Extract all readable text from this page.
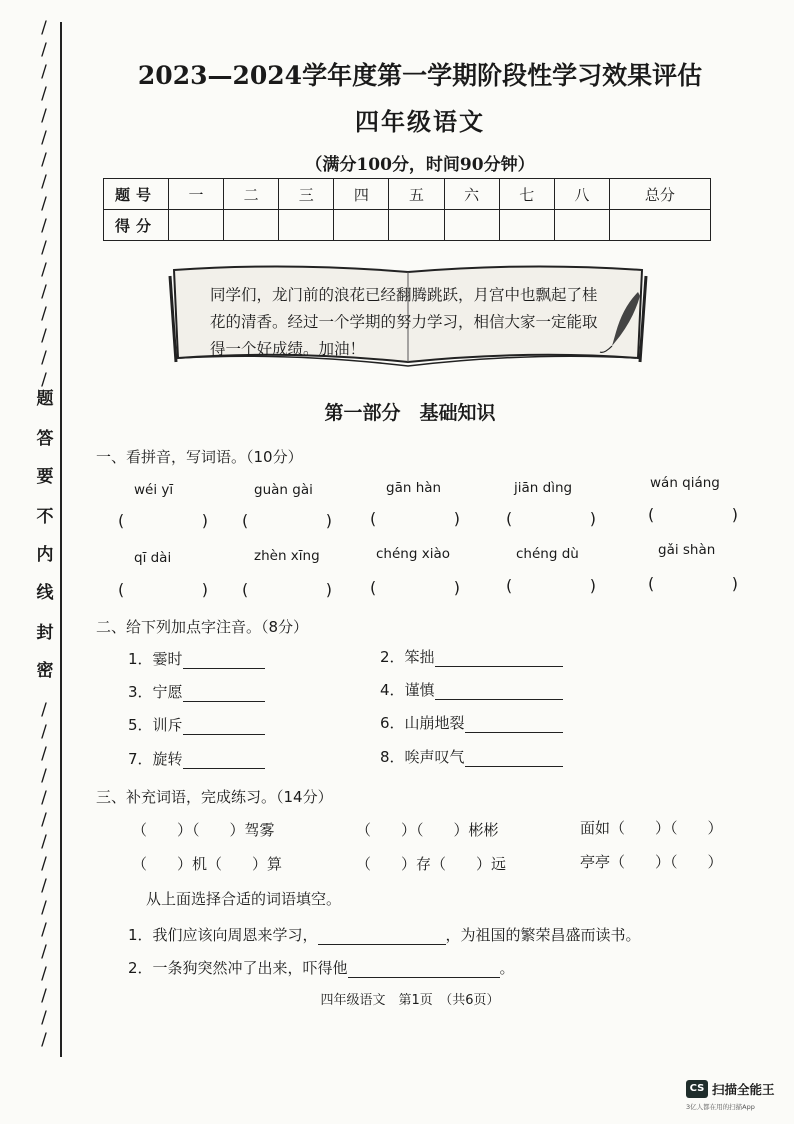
/
/
/
/
/
/
/
/
/
/
/
/
/
/
/
/
/
/
/
/
/
/
/
/
/
/
/
/
/
/
/
/
/
密
封
线
内
不
要
答
题
2023—2024学年度第一学期阶段性学习效果评估
四年级语文
（满分100分，时间90分钟）
题号	一	二	三	四	五	六	七	八	总分
得分									
同学们，龙门前的浪花已经翻腾跳跃，月宫中也飘起了桂花的清香。经过一个学期的努力学习，相信大家一定能取得一个好成绩。加油！
第一部分　基础知识
一、看拼音，写词语。（10分）
wéi yī	guàn gài	gān hàn	jiān dìng	wán qiáng
(	) (	) (	)	(	)	(	)
qī dài	zhèn xīng	chéng xiào	chéng dù	gǎi shàn
(	) (	) (	)	(	)	(	)
二、给下列加点字注音。（8分）
1．霎时	2．笨拙
3．宁愿	4．谨慎
5．训斥	6．山崩地裂
7．旋转	8．唉声叹气
三、补充词语，完成练习。（14分）
（　　）（　　）驾雾	（　　）（　　）彬彬	面如（　　）（　　）
（　　）机（　　）算	（　　）存（　　）远	亭亭（　　）（　　）
从上面选择合适的词语填空。
1．我们应该向周恩来学习，	，为祖国的繁荣昌盛而读书。
2．一条狗突然冲了出来，吓得他	。
四年级语文　第1页　（共6页）
CS 扫描全能王
3亿人都在用的扫描App
